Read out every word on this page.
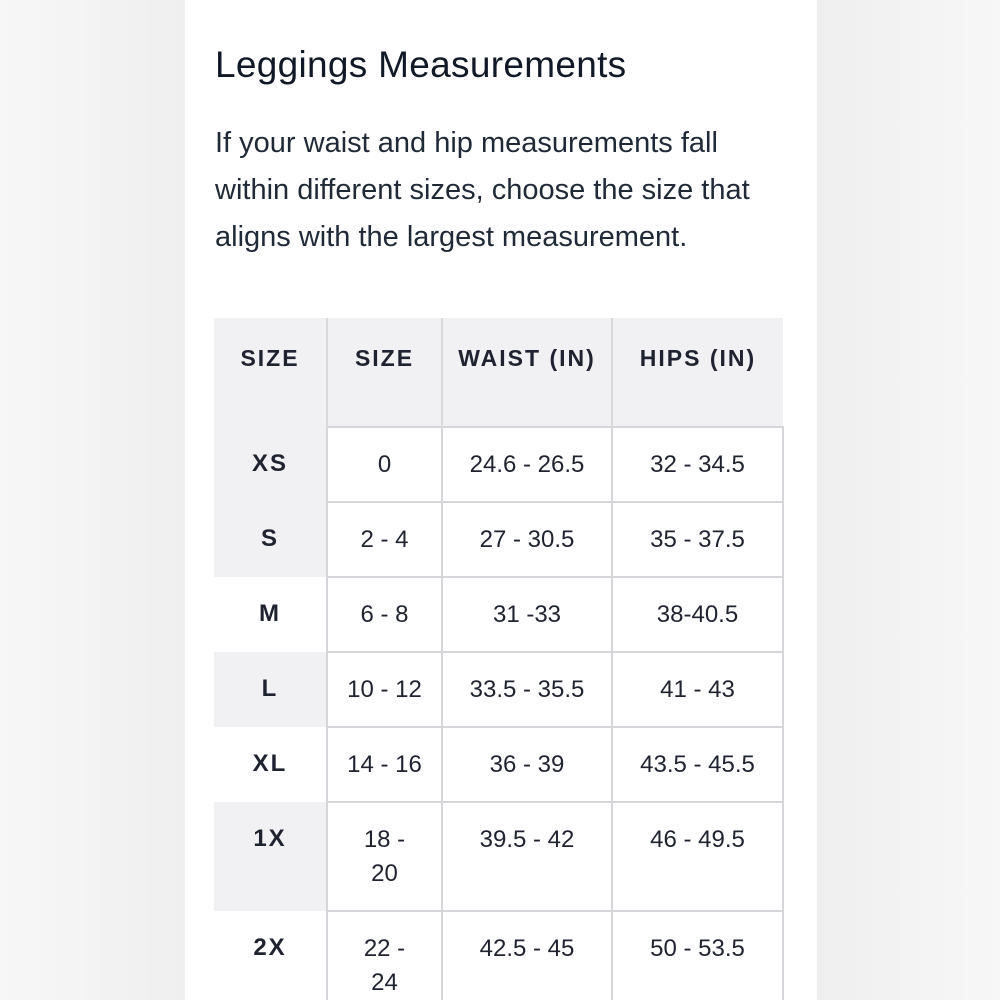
Leggings Measurements

If your waist and hip measurements fall within different sizes, choose the size that aligns with the largest measurement.

SIZE	SIZE	WAIST (IN)	HIPS (IN)
XS	0	24.6 - 26.5	32 - 34.5
S	2 - 4	27 - 30.5	35 - 37.5
M	6 - 8	31 -33	38-40.5
L	10 - 12	33.5 - 35.5	41 - 43
XL	14 - 16	36 - 39	43.5 - 45.5
1X	18 - 20	39.5 - 42	46 - 49.5
2X	22 - 24	42.5 - 45	50 - 53.5
